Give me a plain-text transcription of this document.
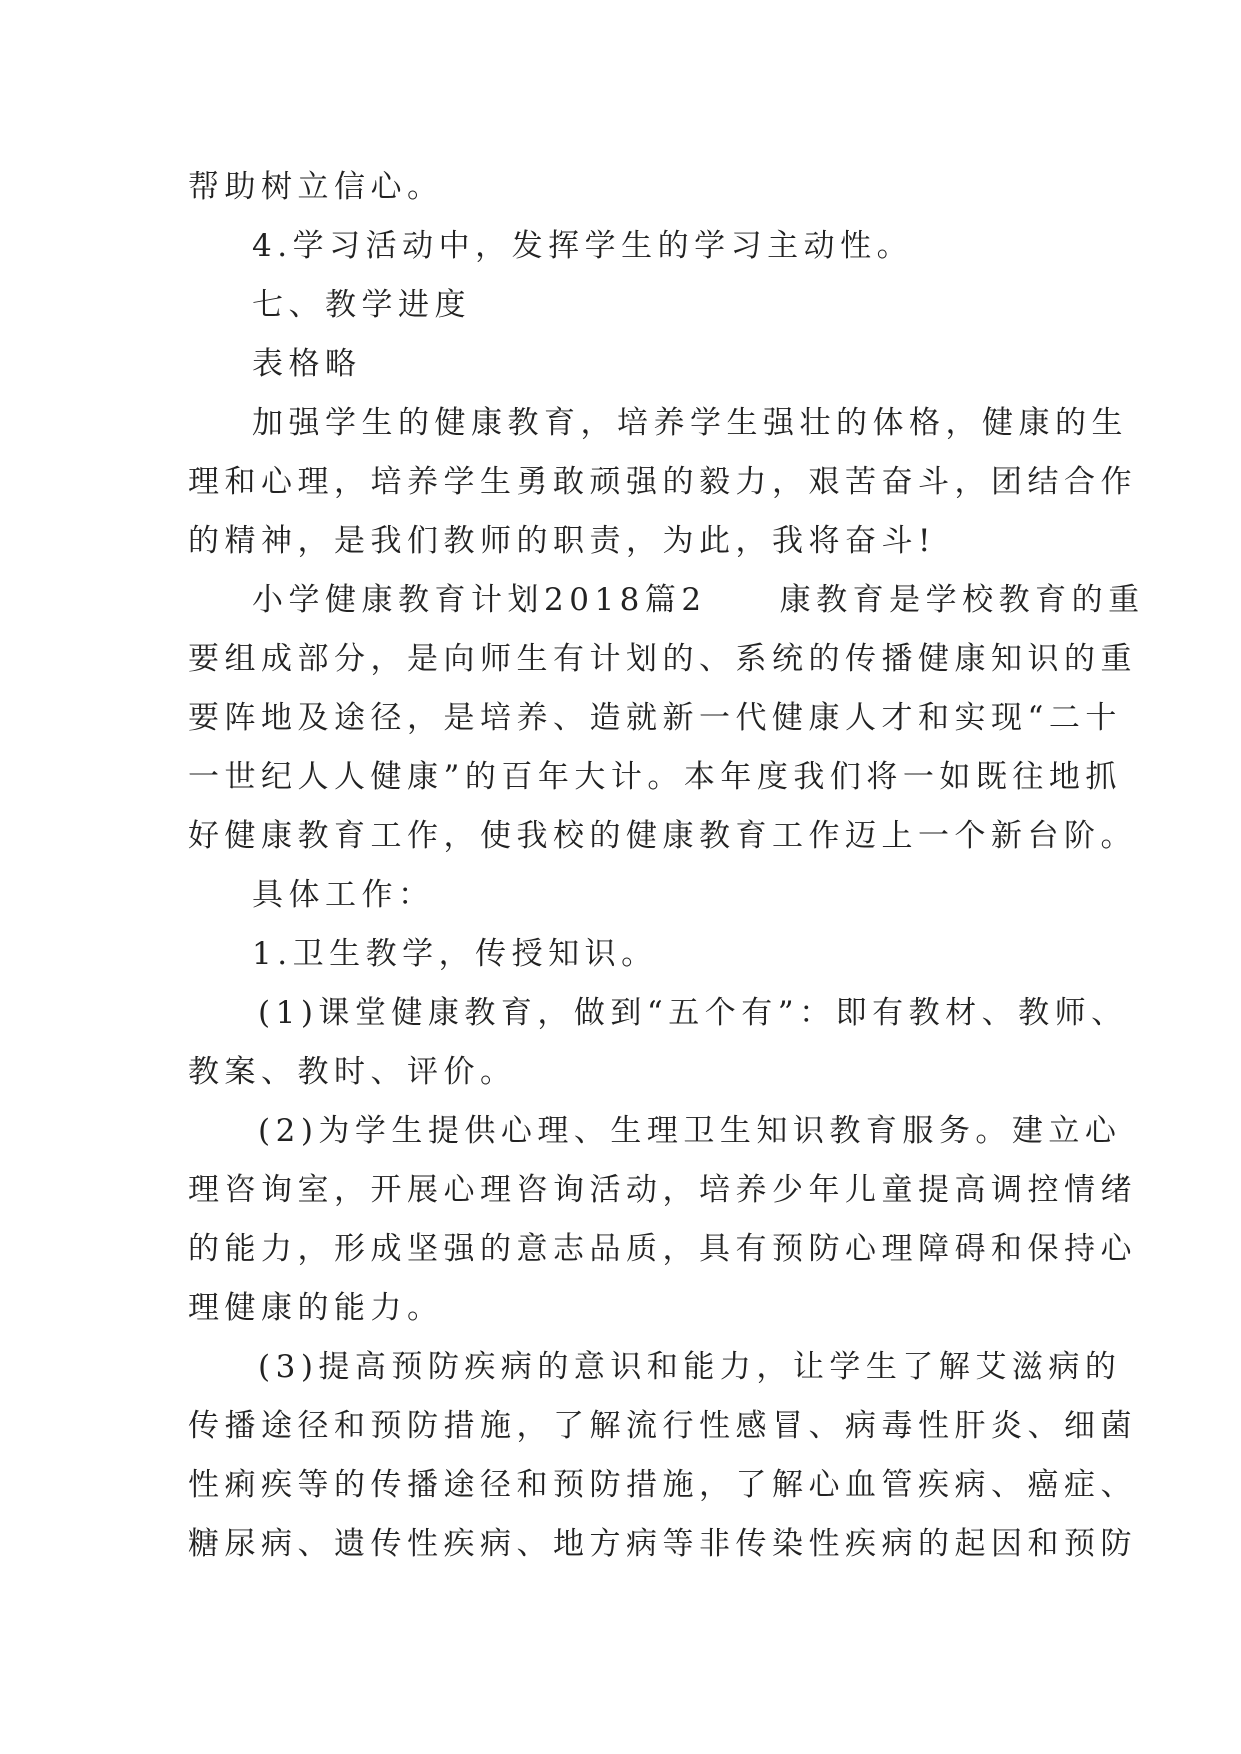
帮助树立信心。
4.学习活动中，发挥学生的学习主动性。
七、教学进度
表格略
加强学生的健康教育，培养学生强壮的体格，健康的生
理和心理，培养学生勇敢顽强的毅力，艰苦奋斗，团结合作
的精神，是我们教师的职责，为此，我将奋斗!
小学健康教育计划2018篇2　　康教育是学校教育的重
要组成部分，是向师生有计划的、系统的传播健康知识的重
要阵地及途径，是培养、造就新一代健康人才和实现“二十
一世纪人人健康”的百年大计。本年度我们将一如既往地抓
好健康教育工作，使我校的健康教育工作迈上一个新台阶。
具体工作：
1.卫生教学，传授知识。
(1)课堂健康教育，做到“五个有”：即有教材、教师、
教案、教时、评价。
(2)为学生提供心理、生理卫生知识教育服务。建立心
理咨询室，开展心理咨询活动，培养少年儿童提高调控情绪
的能力，形成坚强的意志品质，具有预防心理障碍和保持心
理健康的能力。
(3)提高预防疾病的意识和能力，让学生了解艾滋病的
传播途径和预防措施，了解流行性感冒、病毒性肝炎、细菌
性痢疾等的传播途径和预防措施，了解心血管疾病、癌症、
糖尿病、遗传性疾病、地方病等非传染性疾病的起因和预防
